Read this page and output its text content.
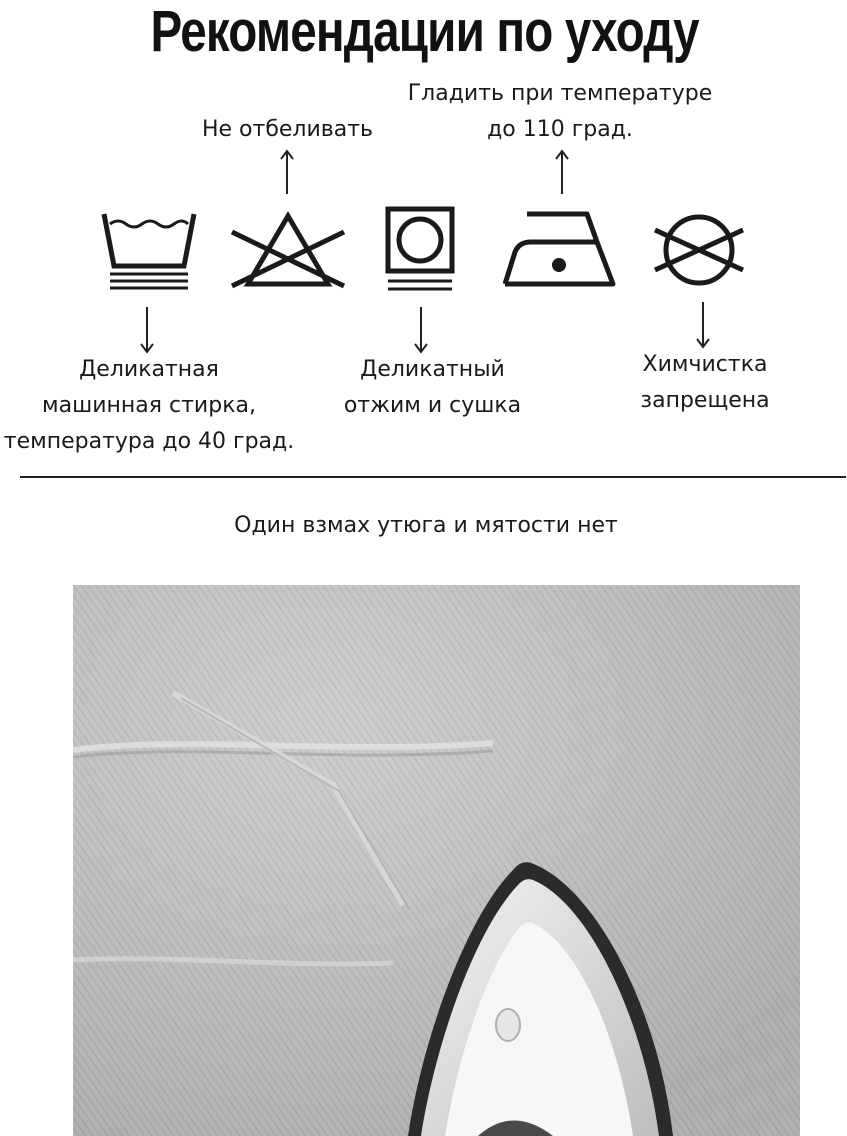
Рекомендации по уходу
Не отбеливать
Гладить при температуре
до 110 град.
Деликатная
машинная стирка,
температура до 40 град.
Деликатный
отжим и сушка
Химчистка
запрещена
Один взмах утюга и мятости нет
